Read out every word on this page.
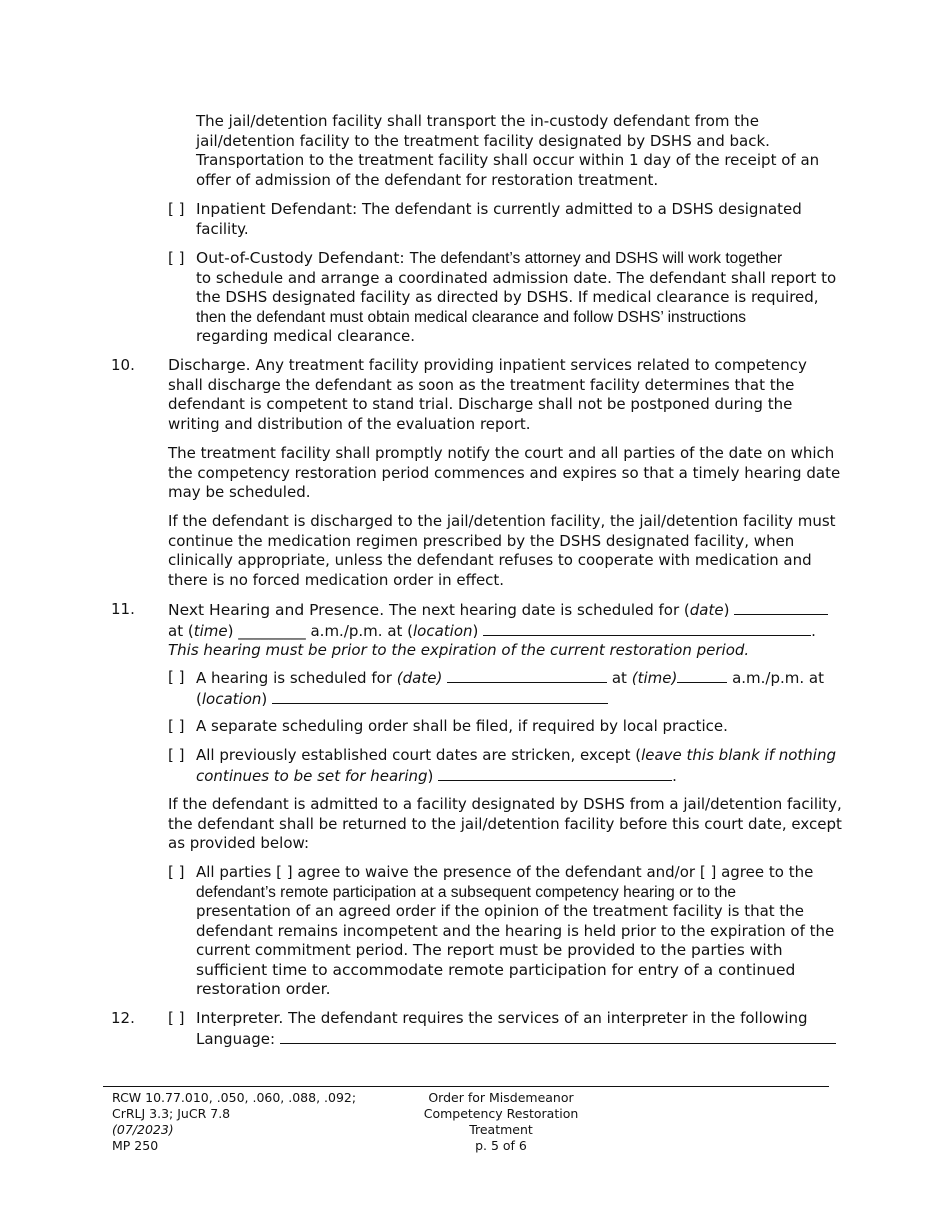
The jail/detention facility shall transport the in-custody defendant from the
jail/detention facility to the treatment facility designated by DSHS and back.
Transportation to the treatment facility shall occur within 1 day of the receipt of an
offer of admission of the defendant for restoration treatment.
[ ] Inpatient Defendant: The defendant is currently admitted to a DSHS designated
facility.
[ ] Out-of-Custody Defendant: The defendant’s attorney and DSHS will work together
to schedule and arrange a coordinated admission date. The defendant shall report to
the DSHS designated facility as directed by DSHS. If medical clearance is required,
then the defendant must obtain medical clearance and follow DSHS’ instructions
regarding medical clearance.
10. Discharge. Any treatment facility providing inpatient services related to competency
shall discharge the defendant as soon as the treatment facility determines that the
defendant is competent to stand trial. Discharge shall not be postponed during the
writing and distribution of the evaluation report.
The treatment facility shall promptly notify the court and all parties of the date on which
the competency restoration period commences and expires so that a timely hearing date
may be scheduled.
If the defendant is discharged to the jail/detention facility, the jail/detention facility must
continue the medication regimen prescribed by the DSHS designated facility, when
clinically appropriate, unless the defendant refuses to cooperate with medication and
there is no forced medication order in effect.
11. Next Hearing and Presence. The next hearing date is scheduled for (date)
at (time) _________ a.m./p.m. at (location)	.
This hearing must be prior to the expiration of the current restoration period.
[ ] A hearing is scheduled for (date)	at (time)	a.m./p.m. at
(location)
[ ] A separate scheduling order shall be filed, if required by local practice.
[ ] All previously established court dates are stricken, except (leave this blank if nothing
continues to be set for hearing)	.
If the defendant is admitted to a facility designated by DSHS from a jail/detention facility,
the defendant shall be returned to the jail/detention facility before this court date, except
as provided below:
[ ] All parties [ ] agree to waive the presence of the defendant and/or [ ] agree to the
defendant’s remote participation at a subsequent competency hearing or to the
presentation of an agreed order if the opinion of the treatment facility is that the
defendant remains incompetent and the hearing is held prior to the expiration of the
current commitment period. The report must be provided to the parties with
sufficient time to accommodate remote participation for entry of a continued
restoration order.
12. [ ] Interpreter. The defendant requires the services of an interpreter in the following
Language:
RCW 10.77.010, .050, .060, .088, .092;
CrRLJ 3.3; JuCR 7.8
(07/2023)
MP 250
Order for Misdemeanor
Competency Restoration
Treatment
p. 5 of 6
